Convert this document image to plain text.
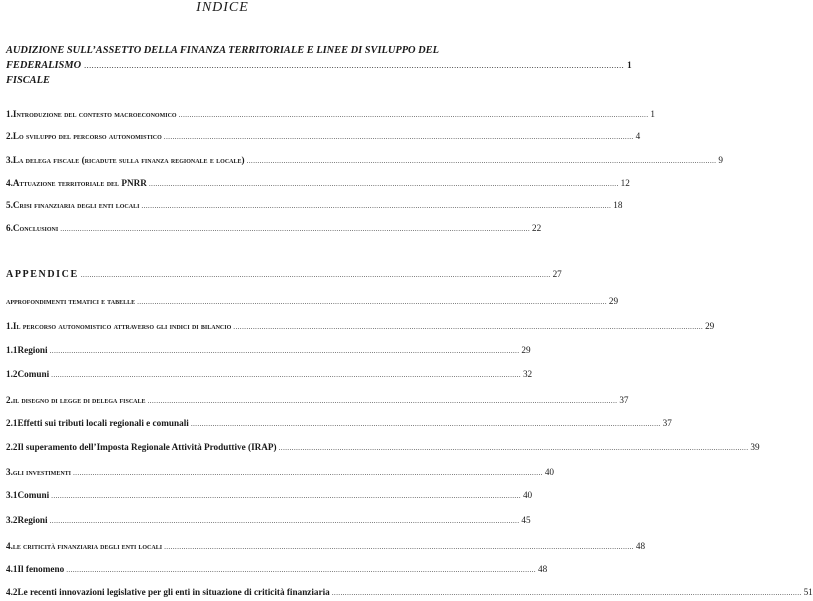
INDICE
AUDIZIONE SULL’ASSETTO DELLA FINANZA TERRITORIALE E LINEE DI SVILUPPO DEL
FEDERALISMO FISCALE
........................................................................................................................................................................................................................ 1
1. Introduzione del contesto macroeconomico ........................................................................................................................................................................................................................ 1
2. Lo sviluppo del percorso autonomistico ........................................................................................................................................................................................................................ 4
3. La delega fiscale (ricadute sulla finanza regionale e locale) ........................................................................................................................................................................................................................ 9
4. Attuazione territoriale del PNRR ........................................................................................................................................................................................................................ 12
5. Crisi finanziaria degli enti locali ........................................................................................................................................................................................................................ 18
6. Conclusioni ........................................................................................................................................................................................................................ 22
APPENDICE ........................................................................................................................................................................................................................ 27
approfondimenti tematici e tabelle ........................................................................................................................................................................................................................ 29
1. Il percorso autonomistico attraverso gli indici di bilancio ........................................................................................................................................................................................................................ 29
1.1 Regioni ........................................................................................................................................................................................................................ 29
1.2 Comuni ........................................................................................................................................................................................................................ 32
2. il disegno di legge di delega fiscale ........................................................................................................................................................................................................................ 37
2.1 Effetti sui tributi locali regionali e comunali ........................................................................................................................................................................................................................ 37
2.2 Il superamento dell’Imposta Regionale Attività Produttive (IRAP) ........................................................................................................................................................................................................................ 39
3. gli investimenti ........................................................................................................................................................................................................................ 40
3.1 Comuni ........................................................................................................................................................................................................................ 40
3.2 Regioni ........................................................................................................................................................................................................................ 45
4. le criticità finanziaria degli enti locali ........................................................................................................................................................................................................................ 48
4.1 Il fenomeno ........................................................................................................................................................................................................................ 48
4.2 Le recenti innovazioni legislative per gli enti in situazione di criticità finanziaria ........................................................................................................................................................................................................................ 51
